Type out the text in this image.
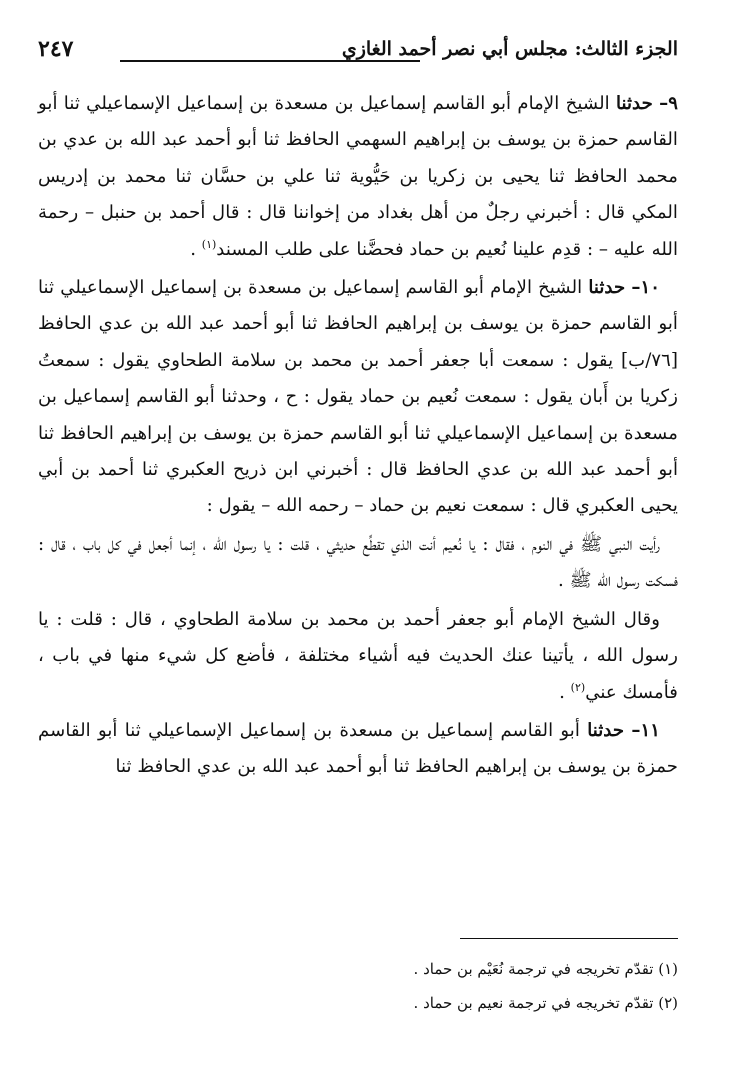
الجزء الثالث: مجلس أبي نصر أحمد الغازي
٢٤٧

٩– حدثنا الشيخ الإمام أبو القاسم إسماعيل بن مسعدة بن إسماعيل الإسماعيلي ثنا أبو القاسم حمزة بن يوسف بن إبراهيم السهمي الحافظ ثنا أبو أحمد عبد الله بن عدي بن محمد الحافظ ثنا يحيى بن زكريا بن حَيُّوية ثنا علي بن حسَّان ثنا محمد بن إدريس المكي قال : أخبرني رجلٌ من أهل بغداد من إخواننا قال : قال أحمد بن حنبل – رحمة الله عليه – : قدِم علينا نُعيم بن حماد فحضَّنا على طلب المسند$^{(١)}$ .

١٠– حدثنا الشيخ الإمام أبو القاسم إسماعيل بن مسعدة بن إسماعيل الإسماعيلي ثنا أبو القاسم حمزة بن يوسف بن إبراهيم الحافظ ثنا أبو أحمد عبد الله بن عدي الحافظ [٧٦/ب] يقول : سمعت أبا جعفر أحمد بن محمد بن سلامة الطحاوي يقول : سمعتُ زكريا بن أَبان يقول : سمعت نُعيم بن حماد يقول : ح ، وحدثنا أبو القاسم إسماعيل بن مسعدة بن إسماعيل الإسماعيلي ثنا أبو القاسم حمزة بن يوسف بن إبراهيم الحافظ ثنا أبو أحمد عبد الله بن عدي الحافظ قال : أخبرني ابن ذريح العكبري ثنا أحمد بن أبي يحيى العكبري قال : سمعت نعيم بن حماد – رحمه الله – يقول :

رأيت النبي ﷺ في النوم ، فقال : يا نُعيم أنت الذي تقطِّع حديثي ، قلت : يا رسول الله ، إنما أجعل في كل باب ، قال : فسكت رسول الله ﷺ .

وقال الشيخ الإمام أبو جعفر أحمد بن محمد بن سلامة الطحاوي ، قال : قلت : يا رسول الله ، يأتينا عنك الحديث فيه أشياء مختلفة ، فأضع كل شيء منها في باب ، فأمسك عني$^{(٢)}$ .

١١– حدثنا أبو القاسم إسماعيل بن مسعدة بن إسماعيل الإسماعيلي ثنا أبو القاسم حمزة بن يوسف بن إبراهيم الحافظ ثنا أبو أحمد عبد الله بن عدي الحافظ ثنا

(١) تقدّم تخريجه في ترجمة نُعَيْم بن حماد .

(٢) تقدّم تخريجه في ترجمة نعيم بن حماد .
